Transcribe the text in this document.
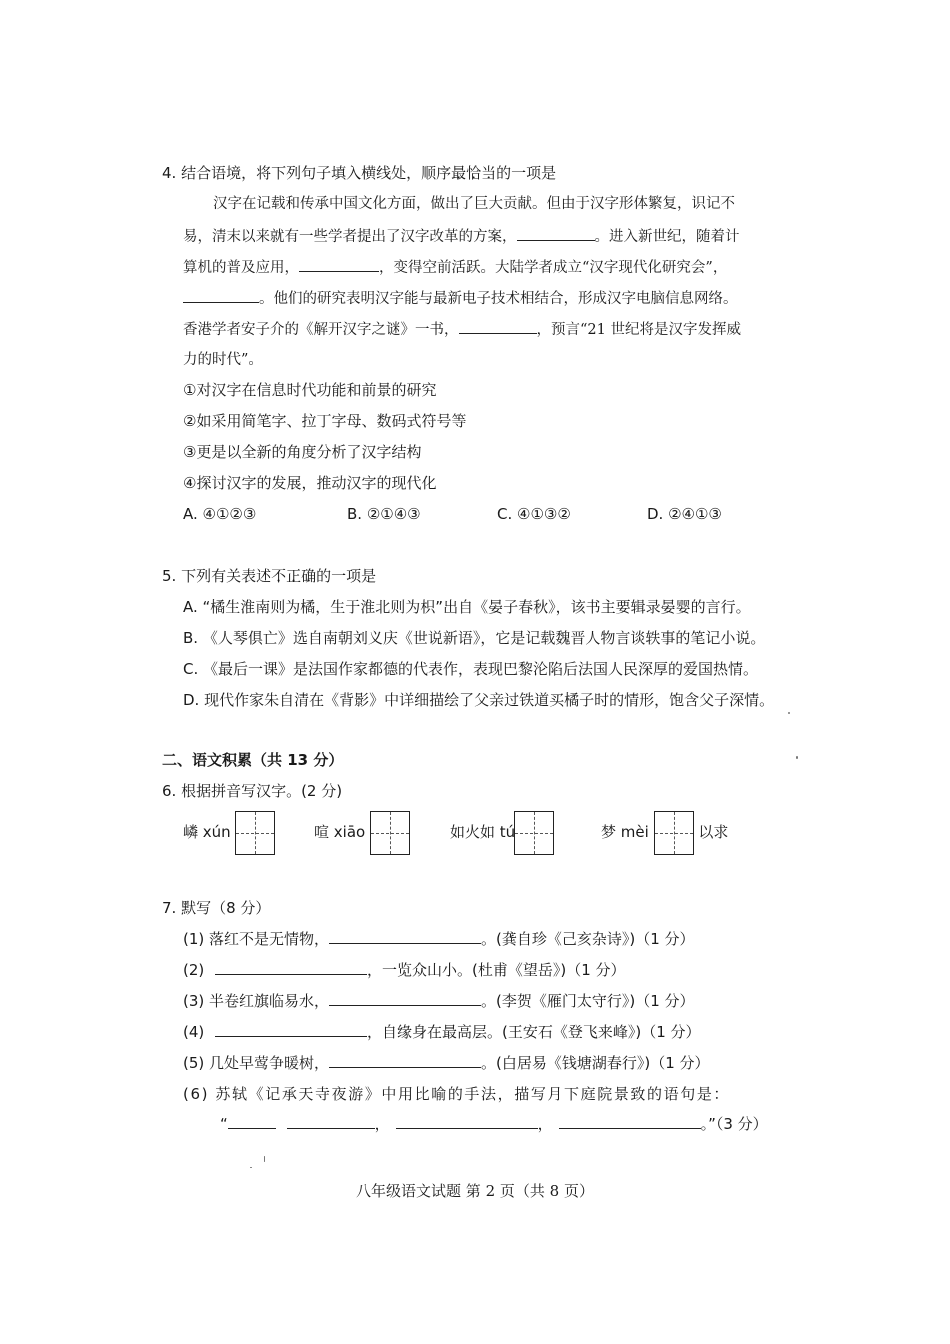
4. 结合语境，将下列句子填入横线处，顺序最恰当的一项是
汉字在记载和传承中国文化方面，做出了巨大贡献。但由于汉字形体繁复，识记不
易，清末以来就有一些学者提出了汉字改革的方案，	。进入新世纪，随着计
算机的普及应用，	，变得空前活跃。大陆学者成立“汉字现代化研究会”，
。他们的研究表明汉字能与最新电子技术相结合，形成汉字电脑信息网络。
香港学者安子介的《解开汉字之谜》一书，	，预言“21 世纪将是汉字发挥威
力的时代”。
①对汉字在信息时代功能和前景的研究
②如采用简笔字、拉丁字母、数码式符号等
③更是以全新的角度分析了汉字结构
④探讨汉字的发展，推动汉字的现代化
A. ④①②③	B. ②①④③	C. ④①③②	D. ②④①③
5. 下列有关表述不正确的一项是
A. “橘生淮南则为橘，生于淮北则为枳”出自《晏子春秋》，该书主要辑录晏婴的言行。
B. 《人琴俱亡》选自南朝刘义庆《世说新语》，它是记载魏晋人物言谈轶事的笔记小说。
C. 《最后一课》是法国作家都德的代表作，表现巴黎沦陷后法国人民深厚的爱国热情。
D. 现代作家朱自清在《背影》中详细描绘了父亲过铁道买橘子时的情形，饱含父子深情。
二、语文积累（共 13 分）
6. 根据拼音写汉字。(2 分)
嶙 xún	喧 xiāo	如火如 tú	梦 mèi	以求
7. 默写（8 分）
(1) 落红不是无情物，	。(龚自珍《己亥杂诗》)（1 分）
(2)	，一览众山小。(杜甫《望岳》)（1 分）
(3) 半卷红旗临易水，	。(李贺《雁门太守行》)（1 分）
(4)	，自缘身在最高层。(王安石《登飞来峰》)（1 分）
(5) 几处早莺争暖树，	。(白居易《钱塘湖春行》)（1 分）
(6) 苏轼《记承天寺夜游》中用比喻的手法，描写月下庭院景致的语句是：
“	，	，	。”（3 分）
八年级语文试题 第 2 页（共 8 页）
